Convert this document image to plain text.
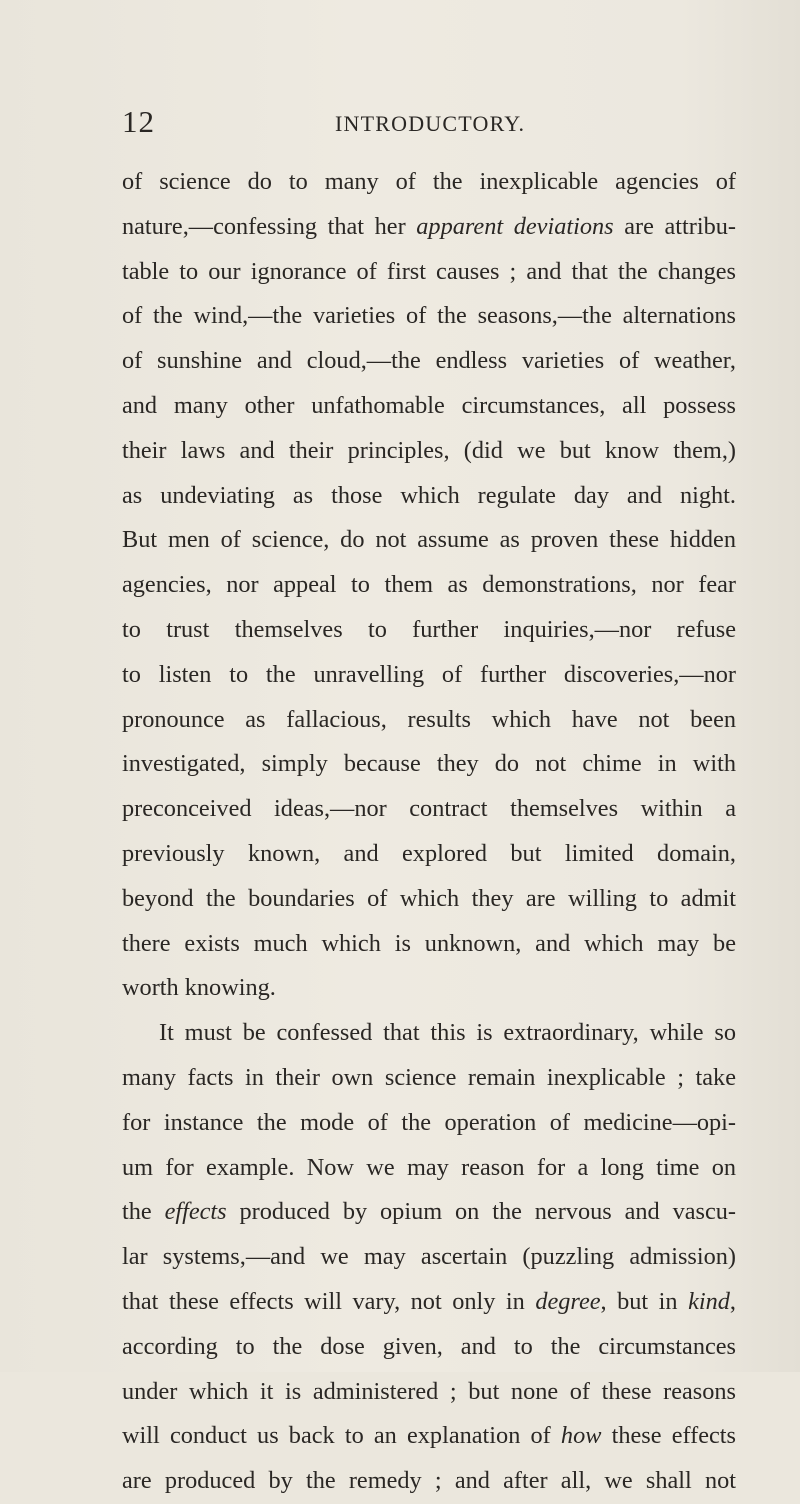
12	INTRODUCTORY.
of science do to many of the inexplicable agencies of
nature,—confessing that her apparent deviations are attribu-
table to our ignorance of first causes ; and that the changes
of the wind,—the varieties of the seasons,—the alternations
of sunshine and cloud,—the endless varieties of weather,
and many other unfathomable circumstances, all possess
their laws and their principles, (did we but know them,)
as undeviating as those which regulate day and night.
But men of science, do not assume as proven these hidden
agencies, nor appeal to them as demonstrations, nor fear
to trust themselves to further inquiries,—nor refuse
to listen to the unravelling of further discoveries,—nor
pronounce as fallacious, results which have not been
investigated, simply because they do not chime in with
preconceived ideas,—nor contract themselves within a
previously known, and explored but limited domain,
beyond the boundaries of which they are willing to admit
there exists much which is unknown, and which may be
worth knowing.
It must be confessed that this is extraordinary, while so
many facts in their own science remain inexplicable ; take
for instance the mode of the operation of medicine—opi-
um for example. Now we may reason for a long time on
the effects produced by opium on the nervous and vascu-
lar systems,—and we may ascertain (puzzling admission)
that these effects will vary, not only in degree, but in kind,
according to the dose given, and to the circumstances
under which it is administered ; but none of these reasons
will conduct us back to an explanation of how these effects
are produced by the remedy ; and after all, we shall not
